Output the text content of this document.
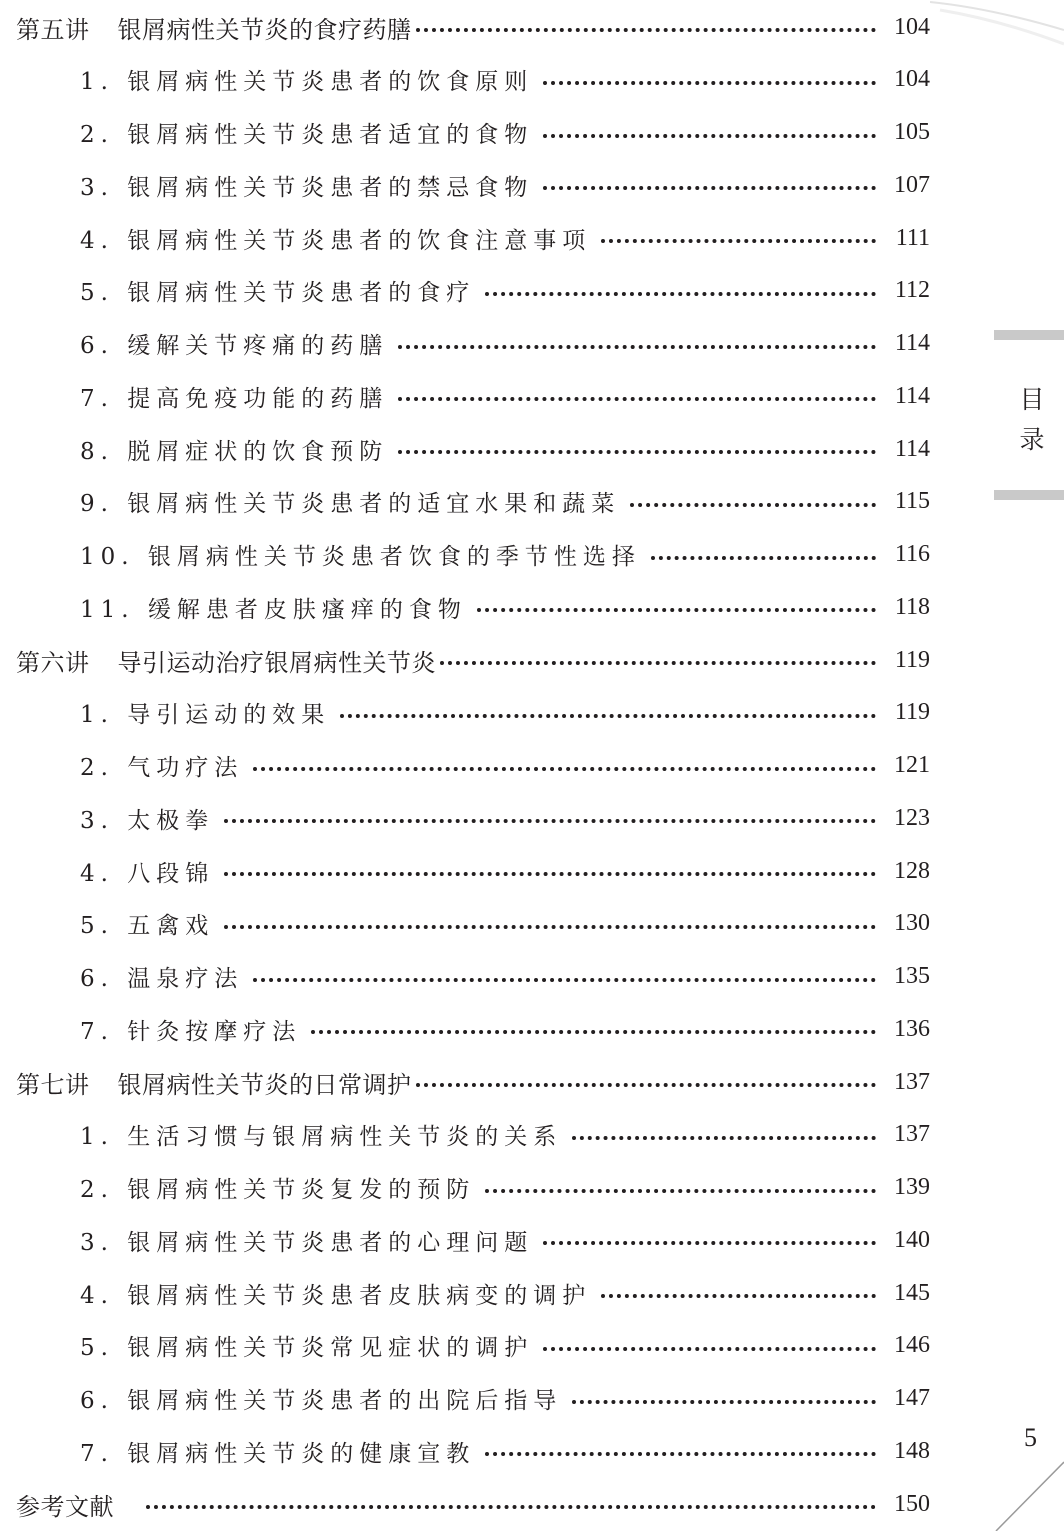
第五讲 银屑病性关节炎的食疗药膳	104
1. 银屑病性关节炎患者的饮食原则	104
2. 银屑病性关节炎患者适宜的食物	105
3. 银屑病性关节炎患者的禁忌食物	107
4. 银屑病性关节炎患者的饮食注意事项	111
5. 银屑病性关节炎患者的食疗	112
6. 缓解关节疼痛的药膳	114
7. 提高免疫功能的药膳	114
8. 脱屑症状的饮食预防	114
9. 银屑病性关节炎患者的适宜水果和蔬菜	115
10. 银屑病性关节炎患者饮食的季节性选择	116
11. 缓解患者皮肤瘙痒的食物	118
第六讲 导引运动治疗银屑病性关节炎	119
1. 导引运动的效果	119
2. 气功疗法	121
3. 太极拳	123
4. 八段锦	128
5. 五禽戏	130
6. 温泉疗法	135
7. 针灸按摩疗法	136
第七讲 银屑病性关节炎的日常调护	137
1. 生活习惯与银屑病性关节炎的关系	137
2. 银屑病性关节炎复发的预防	139
3. 银屑病性关节炎患者的心理问题	140
4. 银屑病性关节炎患者皮肤病变的调护	145
5. 银屑病性关节炎常见症状的调护	146
6. 银屑病性关节炎患者的出院后指导	147
7. 银屑病性关节炎的健康宣教	148
参考文献	150
目录
5
